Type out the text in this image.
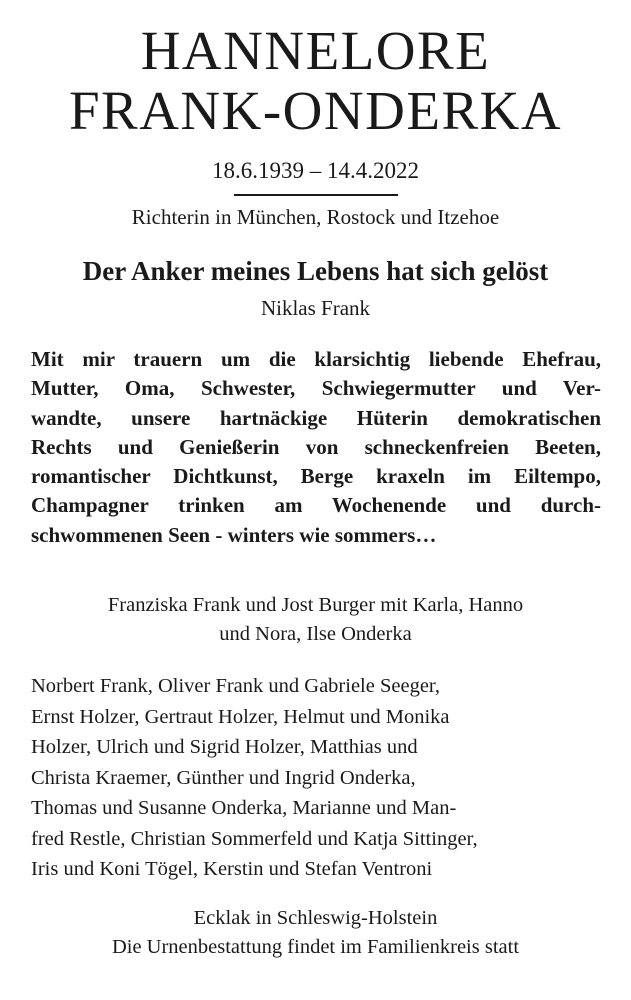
HANNELORE
FRANK-ONDERKA
18.6.1939 – 14.4.2022
Richterin in München, Rostock und Itzehoe
Der Anker meines Lebens hat sich gelöst
Niklas Frank
Mit mir trauern um die klarsichtig liebende Ehefrau,
Mutter, Oma, Schwester, Schwiegermutter und Ver-
wandte, unsere hartnäckige Hüterin demokratischen
Rechts und Genießerin von schneckenfreien Beeten,
romantischer Dichtkunst, Berge kraxeln im Eiltempo,
Champagner trinken am Wochenende und durch-
schwommenen Seen - winters wie sommers…
Franziska Frank und Jost Burger mit Karla, Hanno
und Nora, Ilse Onderka
Norbert Frank, Oliver Frank und Gabriele Seeger,
Ernst Holzer, Gertraut Holzer, Helmut und Monika
Holzer, Ulrich und Sigrid Holzer, Matthias und
Christa Kraemer, Günther und Ingrid Onderka,
Thomas und Susanne Onderka, Marianne und Man-
fred Restle, Christian Sommerfeld und Katja Sittinger,
Iris und Koni Tögel, Kerstin und Stefan Ventroni
Ecklak in Schleswig-Holstein
Die Urnenbestattung findet im Familienkreis statt
